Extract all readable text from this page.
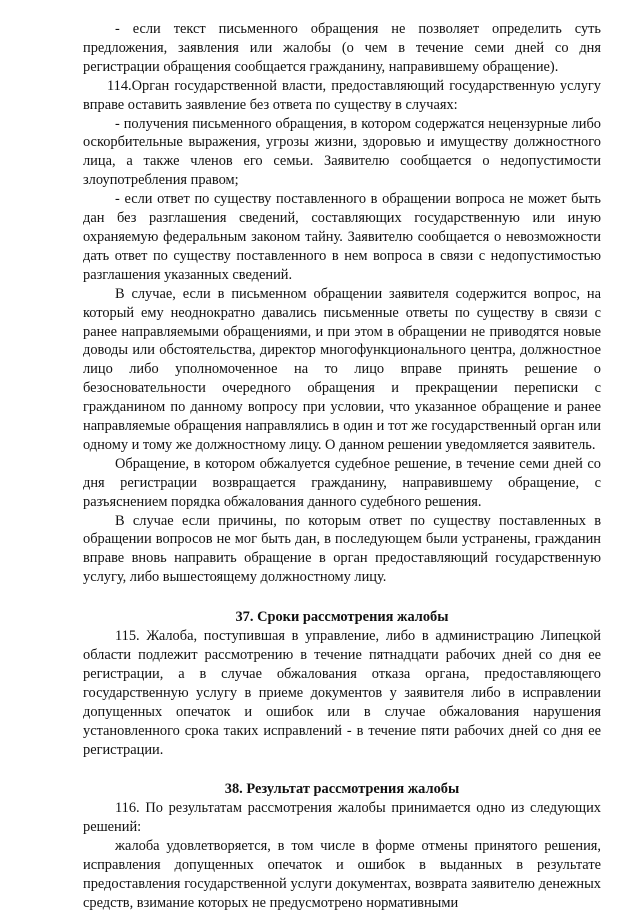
- если текст письменного обращения не позволяет определить суть предложения, заявления или жалобы (о чем в течение семи дней со дня регистрации обращения сообщается гражданину, направившему обращение).

114.Орган государственной власти, предоставляющий государственную услугу вправе оставить заявление без ответа по существу в случаях:

- получения письменного обращения, в котором содержатся нецензурные либо оскорбительные выражения, угрозы жизни, здоровью и имуществу должностного лица, а также членов его семьи. Заявителю сообщается о недопустимости злоупотребления правом;

- если ответ по существу поставленного в обращении вопроса не может быть дан без разглашения сведений, составляющих государственную или иную охраняемую федеральным законом тайну. Заявителю сообщается о невозможности дать ответ по существу поставленного в нем вопроса в связи с недопустимостью разглашения указанных сведений.

В случае, если в письменном обращении заявителя содержится вопрос, на который ему неоднократно давались письменные ответы по существу в связи с ранее направляемыми обращениями, и при этом в обращении не приводятся новые доводы или обстоятельства, директор многофункционального центра, должностное лицо либо уполномоченное на то лицо вправе принять решение о безосновательности очередного обращения и прекращении переписки с гражданином по данному вопросу при условии, что указанное обращение и ранее направляемые обращения направлялись в один и тот же государственный орган или одному и тому же должностному лицу. О данном решении уведомляется заявитель.

Обращение, в котором обжалуется судебное решение, в течение семи дней со дня регистрации возвращается гражданину, направившему обращение, с разъяснением порядка обжалования данного судебного решения.

В случае если причины, по которым ответ по существу поставленных в обращении вопросов не мог быть дан, в последующем были устранены, гражданин вправе вновь направить обращение в орган предоставляющий государственную услугу, либо вышестоящему должностному лицу.

37. Сроки рассмотрения жалобы

115. Жалоба, поступившая в управление, либо в администрацию Липецкой области подлежит рассмотрению в течение пятнадцати рабочих дней со дня ее регистрации, а в случае обжалования отказа органа, предоставляющего государственную услугу в приеме документов у заявителя либо в исправлении допущенных опечаток и ошибок или в случае обжалования нарушения установленного срока таких исправлений - в течение пяти рабочих дней со дня ее регистрации.

38. Результат рассмотрения жалобы

116. По результатам рассмотрения жалобы принимается одно из следующих решений:

жалоба удовлетворяется, в том числе в форме отмены принятого решения, исправления допущенных опечаток и ошибок в выданных в результате предоставления государственной услуги документах, возврата заявителю денежных средств, взимание которых не предусмотрено нормативными
